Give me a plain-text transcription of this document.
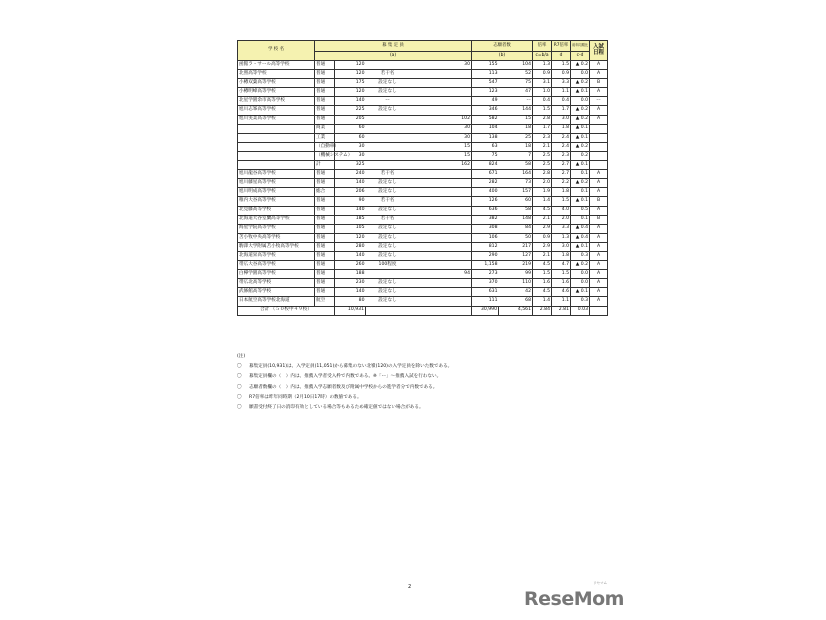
学 校 名	募 集 定 員				志願者数		倍率	R7倍率	前年同期比	入試日程
	(a)				(b)		c=b/a	d	c-d	
函館ラ・サール高等学校	普通	120		30	155	104	1.3	1.5	▲ 0.2	A
北照高等学校	普通	120	若干名		113	52	0.9	0.9	0.0	A
小樽双葉高等学校	普通	175	設定なし		547	75	3.1	3.3	▲ 0.2	B
小樽明峰高等学校	普通	120	設定なし		123	47	1.0	1.1	▲ 0.1	A
北星学園余市高等学校	普通	140	ー		49	ー	0.4	0.4	0.0	ー
旭川志峯高等学校	普通	225	設定なし		346	144	1.5	1.7	▲ 0.2	A
旭川実業高等学校	普通	205		102	582	15	2.8	3.0	▲ 0.2	A
	商業	60		30	104	18	1.7	1.8	▲ 0.1	
	工業	60		30	138	25	2.3	2.4	▲ 0.1	
	（自動車）	30		15	63	18	2.1	2.4	▲ 0.2	
	（機械システム）	30		15	75	7	2.5	2.3	0.2	
	計	325		162	824	58	2.5	2.7	▲ 0.1	
旭川龍谷高等学校	普通	240	若干名		671	164	2.8	2.7	0.1	A
旭川藤星高等学校	普通	140	設定なし		282	73	2.0	2.2	▲ 0.2	A
旭川明成高等学校	総合	206	設定なし		400	157	1.9	1.8	0.1	A
稚内大谷高等学校	普通	90	若干名		126	60	1.4	1.5	▲ 0.1	B
北見藤高等学校	普通	140	設定なし		636	58	4.5	4.0	0.5	A
北海道大谷室蘭高等学校	普通	185	若干名		382	148	2.1	2.0	0.1	B
海星学院高等学校	普通	105	設定なし		308	84	2.9	3.3	▲ 0.4	A
苫小牧中央高等学校	普通	120	設定なし		106	50	0.9	1.3	▲ 0.4	A
駒澤大学附属苫小牧高等学校	普通	280	設定なし		812	217	2.9	3.0	▲ 0.1	A
北海道栄高等学校	普通	140	設定なし		290	127	2.1	1.8	0.3	A
帯広大谷高等学校	普通	260	100程度		1,158	219	4.5	4.7	▲ 0.2	A
白樺学園高等学校	普通	188		94	273	99	1.5	1.5	0.0	A
帯広北高等学校	普通	230	設定なし		370	110	1.6	1.6	0.0	A
武修館高等学校	普通	140	設定なし		631	42	4.5	4.6	▲ 0.1	A
日本航空高等学校北海道	航空	80	設定なし		111	68	1.4	1.1	0.3	A
合計 （５０校中４９校）		10,931			30,990	4,561	2.84	2.81	0.03	
(注)
〇 募集定員(10,931)は、入学定員(11,051)から募集のない北嶺(120)の入学定員を除いた数である。
〇 募集定員欄の（　）内は、推薦入学者受入枠で内数である。※「ー」～推薦入試を行わない。
〇 志願者数欄の（　）内は、推薦入学志願者数及び附属中学校からの進学者分で内数である。
〇 R7倍率は昨年同時期（2月10日17時）の数値である。
〇 願書受付終了日の消印有効としている場合等もあるため確定値ではない場合がある。
2
ReseMom
リセマム
